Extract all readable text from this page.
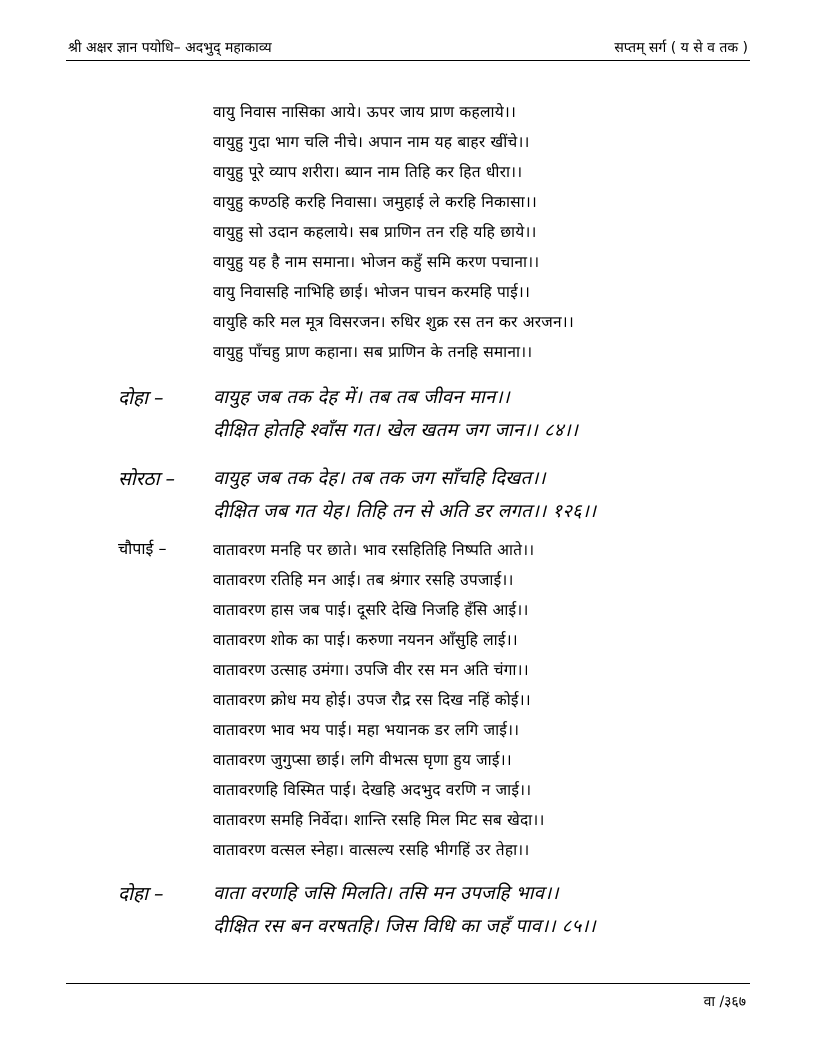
श्री अक्षर ज्ञान पयोधि– अदभुद् महाकाव्य	सप्तम् सर्ग ( य से व तक )
वायु निवास नासिका आये। ऊपर जाय प्राण कहलाये।।
वायुहु गुदा भाग चलि नीचे। अपान नाम यह बाहर खींचे।।
वायुहु पूरे व्याप शरीरा। ब्यान नाम तिहि कर हित धीरा।।
वायुहु कण्ठहि करहि निवासा। जमुहाई ले करहि निकासा।।
वायुहु सो उदान कहलाये। सब प्राणिन तन रहि यहि छाये।।
वायुहु यह है नाम समाना। भोजन कहुँ समि करण पचाना।।
वायु निवासहि नाभिहि छाई। भोजन पाचन करमहि पाई।।
वायुहि करि मल मूत्र विसरजन। रुधिर शुक्र रस तन कर अरजन।।
वायुहु पाँचहु प्राण कहाना। सब प्राणिन के तनहि समाना।।
दोहा –	वायुह जब तक देह में। तब तब जीवन मान।।
दीक्षित होतहि श्वाँस गत। खेल खतम जग जान।। ८४।।
सोरठा – वायुह जब तक देह। तब तक जग साँचहि दिखत।।
दीक्षित जब गत येह। तिहि तन से अति डर लगत।। १२६।।
चौपाई –	वातावरण मनहि पर छाते। भाव रसहितिहि निष्पति आते।।
वातावरण रतिहि मन आई। तब श्रंगार रसहि उपजाई।।
वातावरण हास जब पाई। दूसरि देखि निजहि हँसि आई।।
वातावरण शोक का पाई। करुणा नयनन आँसुहि लाई।।
वातावरण उत्साह उमंगा। उपजि वीर रस मन अति चंगा।।
वातावरण क्रोध मय होई। उपज रौद्र रस दिख नहिं कोई।।
वातावरण भाव भय पाई। महा भयानक डर लगि जाई।।
वातावरण जुगुप्सा छाई। लगि वीभत्स घृणा हुय जाई।।
वातावरणहि विस्मित पाई। देखहि अदभुद वरणि न जाई।।
वातावरण समहि निर्वेदा। शान्ति रसहि मिल मिट सब खेदा।।
वातावरण वत्सल स्नेहा। वात्सल्य रसहि भीगहिं उर तेहा।।
दोहा –	वाता वरणहि जसि मिलति। तसि मन उपजहि भाव।।
दीक्षित रस बन वरषतहि। जिस विधि का जहँ पाव।। ८५।।
वा /३६७
